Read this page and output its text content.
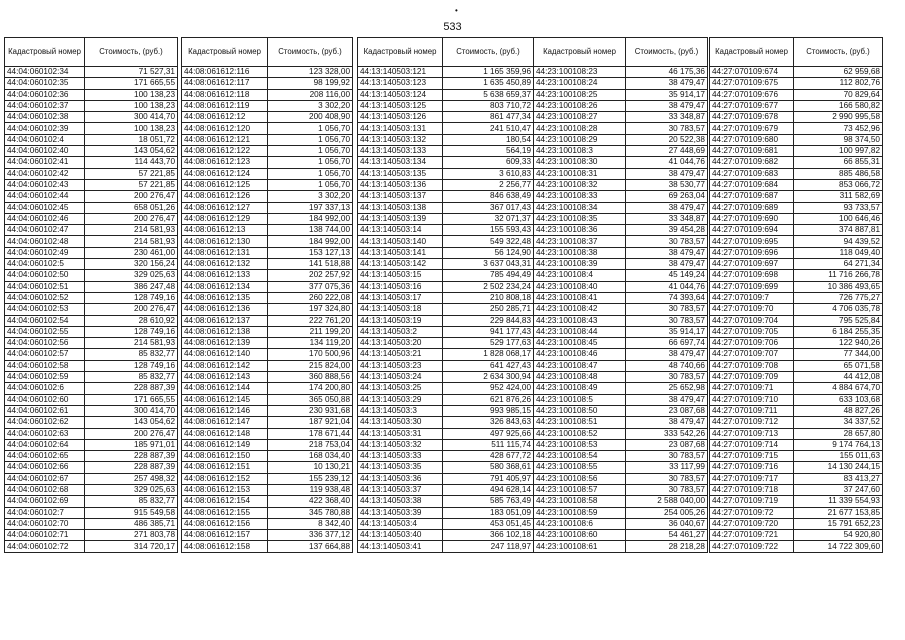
•
533
Кадастровый номер	Стоимость, (руб.)
44:04:060102:34	71 527,31
44:04:060102:35	171 665,55
44:04:060102:36	100 138,23
44:04:060102:37	100 138,23
44:04:060102:38	300 414,70
44:04:060102:39	100 138,23
44:04:060102:4	18 051,72
44:04:060102:40	143 054,62
44:04:060102:41	114 443,70
44:04:060102:42	57 221,85
44:04:060102:43	57 221,85
44:04:060102:44	200 276,47
44:04:060102:45	658 051,26
44:04:060102:46	200 276,47
44:04:060102:47	214 581,93
44:04:060102:48	214 581,93
44:04:060102:49	230 461,00
44:04:060102:5	320 156,24
44:04:060102:50	329 025,63
44:04:060102:51	386 247,48
44:04:060102:52	128 749,16
44:04:060102:53	200 276,47
44:04:060102:54	28 610,92
44:04:060102:55	128 749,16
44:04:060102:56	214 581,93
44:04:060102:57	85 832,77
44:04:060102:58	128 749,16
44:04:060102:59	85 832,77
44:04:060102:6	228 887,39
44:04:060102:60	171 665,55
44:04:060102:61	300 414,70
44:04:060102:62	143 054,62
44:04:060102:63	200 276,47
44:04:060102:64	185 971,01
44:04:060102:65	228 887,39
44:04:060102:66	228 887,39
44:04:060102:67	257 498,32
44:04:060102:68	329 025,63
44:04:060102:69	85 832,77
44:04:060102:7	915 549,58
44:04:060102:70	486 385,71
44:04:060102:71	271 803,78
44:04:060102:72	314 720,17
Кадастровый номер	Стоимость, (руб.)
44:08:061612:116	123 328,00
44:08:061612:117	98 199,92
44:08:061612:118	208 116,00
44:08:061612:119	3 302,20
44:08:061612:12	200 408,90
44:08:061612:120	1 056,70
44:08:061612:121	1 056,70
44:08:061612:122	1 056,70
44:08:061612:123	1 056,70
44:08:061612:124	1 056,70
44:08:061612:125	1 056,70
44:08:061612:126	3 302,20
44:08:061612:127	197 337,13
44:08:061612:129	184 992,00
44:08:061612:13	138 744,00
44:08:061612:130	184 992,00
44:08:061612:131	153 127,13
44:08:061612:132	141 518,88
44:08:061612:133	202 257,92
44:08:061612:134	377 075,36
44:08:061612:135	260 222,08
44:08:061612:136	197 324,80
44:08:061612:137	222 761,20
44:08:061612:138	211 199,20
44:08:061612:139	134 119,20
44:08:061612:140	170 500,96
44:08:061612:142	215 824,00
44:08:061612:143	360 888,56
44:08:061612:144	174 200,80
44:08:061612:145	365 050,88
44:08:061612:146	230 931,68
44:08:061612:147	187 921,04
44:08:061612:148	178 671,44
44:08:061612:149	218 753,04
44:08:061612:150	168 034,40
44:08:061612:151	10 130,21
44:08:061612:152	155 239,12
44:08:061612:153	119 938,48
44:08:061612:154	422 368,40
44:08:061612:155	345 780,88
44:08:061612:156	8 342,40
44:08:061612:157	336 377,12
44:08:061612:158	137 664,88
Кадастровый номер	Стоимость, (руб.)
44:13:140503:121	1 165 359,96
44:13:140503:123	1 635 450,89
44:13:140503:124	5 638 659,37
44:13:140503:125	803 710,72
44:13:140503:126	861 477,34
44:13:140503:131	241 510,47
44:13:140503:132	180,54
44:13:140503:133	564,19
44:13:140503:134	609,33
44:13:140503:135	3 610,83
44:13:140503:136	2 256,77
44:13:140503:137	846 638,49
44:13:140503:138	367 017,43
44:13:140503:139	32 071,37
44:13:140503:14	155 593,43
44:13:140503:140	549 322,48
44:13:140503:141	56 124,90
44:13:140503:142	3 637 043,31
44:13:140503:15	785 494,49
44:13:140503:16	2 502 234,24
44:13:140503:17	210 808,18
44:13:140503:18	250 285,71
44:13:140503:19	229 844,83
44:13:140503:2	941 177,43
44:13:140503:20	529 177,63
44:13:140503:21	1 828 068,17
44:13:140503:23	641 427,43
44:13:140503:24	2 634 300,94
44:13:140503:25	952 424,00
44:13:140503:29	621 876,26
44:13:140503:3	993 985,15
44:13:140503:30	326 843,63
44:13:140503:31	497 925,66
44:13:140503:32	511 115,74
44:13:140503:33	428 677,72
44:13:140503:35	580 368,61
44:13:140503:36	791 405,97
44:13:140503:37	494 628,14
44:13:140503:38	585 763,49
44:13:140503:39	183 051,09
44:13:140503:4	453 051,45
44:13:140503:40	366 102,18
44:13:140503:41	247 118,97
Кадастровый номер	Стоимость, (руб.)
44:23:100108:23	46 175,36
44:23:100108:24	38 479,47
44:23:100108:25	35 914,17
44:23:100108:26	38 479,47
44:23:100108:27	33 348,87
44:23:100108:28	30 783,57
44:23:100108:29	20 522,38
44:23:100108:3	27 448,69
44:23:100108:30	41 044,76
44:23:100108:31	38 479,47
44:23:100108:32	38 530,77
44:23:100108:33	69 263,04
44:23:100108:34	38 479,47
44:23:100108:35	33 348,87
44:23:100108:36	39 454,28
44:23:100108:37	30 783,57
44:23:100108:38	38 479,47
44:23:100108:39	38 479,47
44:23:100108:4	45 149,24
44:23:100108:40	41 044,76
44:23:100108:41	74 393,64
44:23:100108:42	30 783,57
44:23:100108:43	30 783,57
44:23:100108:44	35 914,17
44:23:100108:45	66 697,74
44:23:100108:46	38 479,47
44:23:100108:47	48 740,66
44:23:100108:48	30 783,57
44:23:100108:49	25 652,98
44:23:100108:5	38 479,47
44:23:100108:50	23 087,68
44:23:100108:51	38 479,47
44:23:100108:52	333 542,26
44:23:100108:53	23 087,68
44:23:100108:54	30 783,57
44:23:100108:55	33 117,99
44:23:100108:56	30 783,57
44:23:100108:57	30 783,57
44:23:100108:58	2 588 040,00
44:23:100108:59	254 005,26
44:23:100108:6	36 040,67
44:23:100108:60	54 461,27
44:23:100108:61	28 218,28
Кадастровый номер	Стоимость, (руб.)
44:27:070109:674	62 959,68
44:27:070109:675	112 802,76
44:27:070109:676	70 829,64
44:27:070109:677	166 580,82
44:27:070109:678	2 990 995,58
44:27:070109:679	73 452,96
44:27:070109:680	98 374,50
44:27:070109:681	100 997,82
44:27:070109:682	66 855,31
44:27:070109:683	885 486,58
44:27:070109:684	853 066,72
44:27:070109:687	311 582,69
44:27:070109:689	93 733,57
44:27:070109:690	100 646,46
44:27:070109:694	374 887,81
44:27:070109:695	94 439,52
44:27:070109:696	118 049,40
44:27:070109:697	64 271,34
44:27:070109:698	11 716 266,78
44:27:070109:699	10 386 493,65
44:27:070109:7	726 775,27
44:27:070109:70	4 706 035,78
44:27:070109:704	795 525,84
44:27:070109:705	6 184 255,35
44:27:070109:706	122 940,26
44:27:070109:707	77 344,00
44:27:070109:708	65 071,58
44:27:070109:709	44 412,08
44:27:070109:71	4 884 674,70
44:27:070109:710	633 103,68
44:27:070109:711	48 827,26
44:27:070109:712	34 337,52
44:27:070109:713	28 657,80
44:27:070109:714	9 174 764,13
44:27:070109:715	155 011,63
44:27:070109:716	14 130 244,15
44:27:070109:717	83 413,27
44:27:070109:718	37 247,60
44:27:070109:719	11 339 554,93
44:27:070109:72	21 677 153,85
44:27:070109:720	15 791 652,23
44:27:070109:721	54 920,80
44:27:070109:722	14 722 309,60
